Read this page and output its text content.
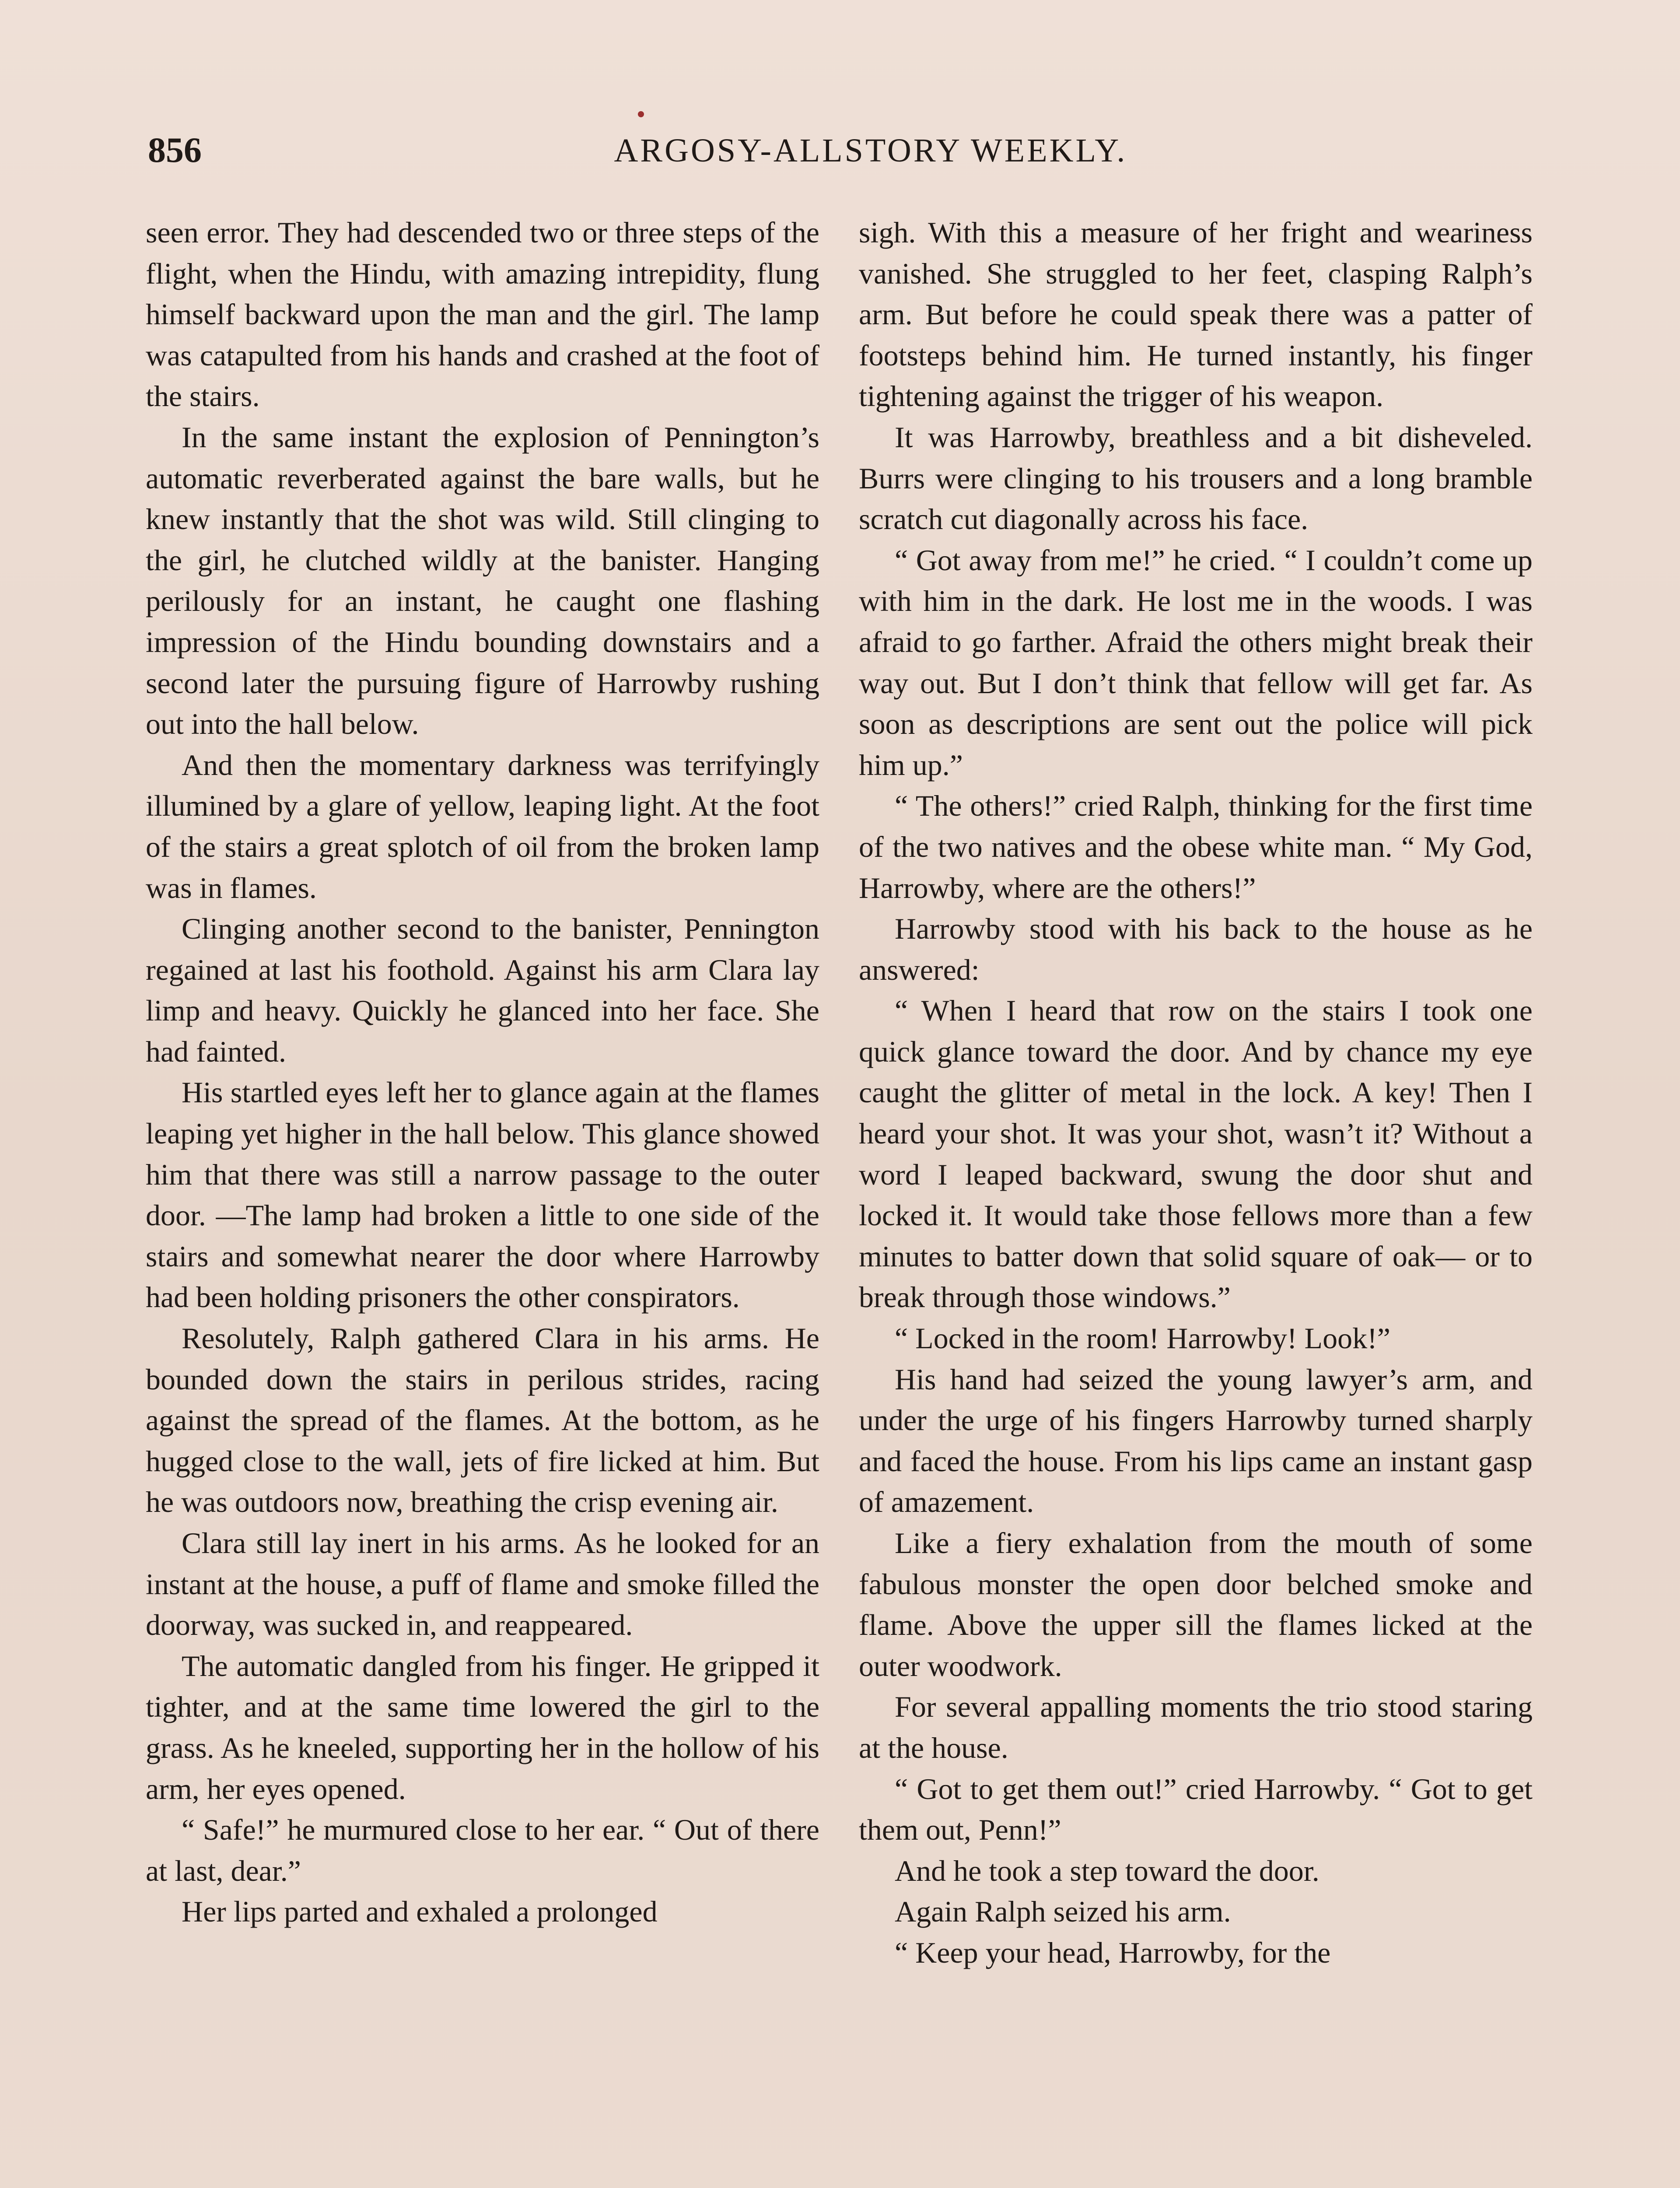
856	ARGOSY-ALLSTORY WEEKLY.

seen error. They had descended two or three steps of the flight, when the Hindu, with amazing intrepidity, flung himself backward upon the man and the girl. The lamp was catapulted from his hands and crashed at the foot of the stairs.

In the same instant the explosion of Pennington’s automatic reverberated against the bare walls, but he knew instantly that the shot was wild. Still clinging to the girl, he clutched wildly at the banister. Hanging perilously for an instant, he caught one flashing impression of the Hindu bounding downstairs and a second later the pursuing figure of Harrowby rushing out into the hall below.

And then the momentary darkness was terrifyingly illumined by a glare of yellow, leaping light. At the foot of the stairs a great splotch of oil from the broken lamp was in flames.

Clinging another second to the banister, Pennington regained at last his foothold. Against his arm Clara lay limp and heavy. Quickly he glanced into her face. She had fainted.

His startled eyes left her to glance again at the flames leaping yet higher in the hall below. This glance showed him that there was still a narrow passage to the outer door. —The lamp had broken a little to one side of the stairs and somewhat nearer the door where Harrowby had been holding prisoners the other conspirators.

Resolutely, Ralph gathered Clara in his arms. He bounded down the stairs in perilous strides, racing against the spread of the flames. At the bottom, as he hugged close to the wall, jets of fire licked at him. But he was outdoors now, breathing the crisp evening air.

Clara still lay inert in his arms. As he looked for an instant at the house, a puff of flame and smoke filled the doorway, was sucked in, and reappeared.

The automatic dangled from his finger. He gripped it tighter, and at the same time lowered the girl to the grass. As he kneeled, supporting her in the hollow of his arm, her eyes opened.

“ Safe!” he murmured close to her ear. “ Out of there at last, dear.”

Her lips parted and exhaled a prolonged

sigh. With this a measure of her fright and weariness vanished. She struggled to her feet, clasping Ralph’s arm. But before he could speak there was a patter of footsteps behind him. He turned instantly, his finger tightening against the trigger of his weapon.

It was Harrowby, breathless and a bit disheveled. Burrs were clinging to his trousers and a long bramble scratch cut diagonally across his face.

“ Got away from me!” he cried. “ I couldn’t come up with him in the dark. He lost me in the woods. I was afraid to go farther. Afraid the others might break their way out. But I don’t think that fellow will get far. As soon as descriptions are sent out the police will pick him up.”

“ The others!” cried Ralph, thinking for the first time of the two natives and the obese white man. “ My God, Harrowby, where are the others!”

Harrowby stood with his back to the house as he answered:

“ When I heard that row on the stairs I took one quick glance toward the door. And by chance my eye caught the glitter of metal in the lock. A key! Then I heard your shot. It was your shot, wasn’t it? Without a word I leaped backward, swung the door shut and locked it. It would take those fellows more than a few minutes to batter down that solid square of oak— or to break through those windows.”

“ Locked in the room! Harrowby! Look!”

His hand had seized the young lawyer’s arm, and under the urge of his fingers Harrowby turned sharply and faced the house. From his lips came an instant gasp of amazement.

Like a fiery exhalation from the mouth of some fabulous monster the open door belched smoke and flame. Above the upper sill the flames licked at the outer woodwork.

For several appalling moments the trio stood staring at the house.

“ Got to get them out!” cried Harrowby. “ Got to get them out, Penn!”

And he took a step toward the door.

Again Ralph seized his arm.

“ Keep your head, Harrowby, for the
